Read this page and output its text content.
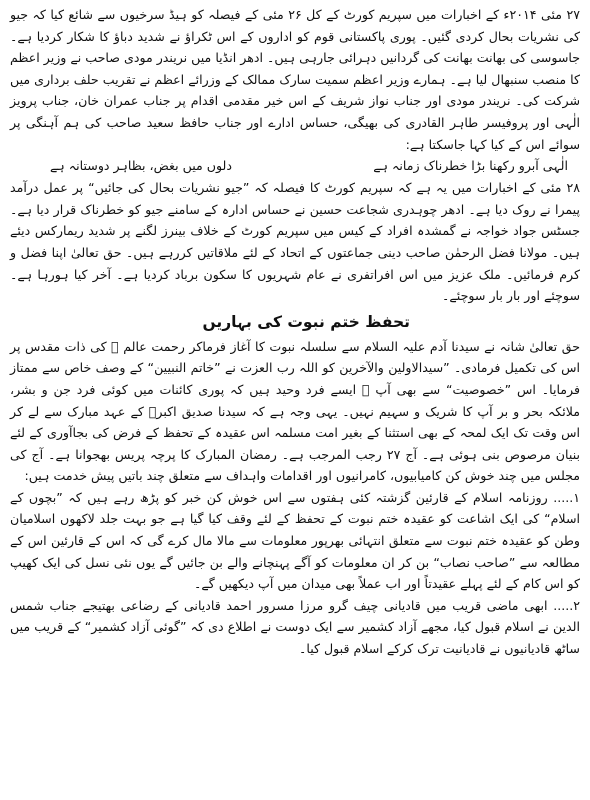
۲۷ مئی ۲۰۱۴ء کے اخبارات میں سپریم کورٹ کے کل ۲۶ مئی کے فیصلہ کو ہیڈ سرخیوں سے شائع کیا کہ جیو کی نشریات بحال کردی گئیں۔ پوری پاکستانی قوم کو اداروں کے اس ٹکراؤ نے شدید دباؤ کا شکار کردیا ہے۔ جاسوسی کی بھانت بھانت کی گردانیں دہرائی جارہی ہیں۔ ادھر انڈیا میں نریندر مودی صاحب نے وزیر اعظم کا منصب سنبھال لیا ہے۔ ہمارے وزیر اعظم سمیت سارک ممالک کے وزرائے اعظم نے تقریب حلف برداری میں شرکت کی۔ نریندر مودی اور جناب نواز شریف کے اس خیر مقدمی اقدام پر جناب عمران خان، جناب پرویز الٰہی اور پروفیسر طاہر القادری کی بھیگی، حساس ادارے اور جناب حافظ سعید صاحب کی ہم آہنگی پر سوائے اس کے کیا کہا جاسکتا ہے:

الٰہی آبرو رکھنا بڑا خطرناک زمانہ ہے
دلوں میں بغض، بظاہر دوستانہ ہے

۲۸ مئی کے اخبارات میں یہ ہے کہ سپریم کورٹ کا فیصلہ کہ ”جیو نشریات بحال کی جائیں“ پر عمل درآمد پیمرا نے روک دیا ہے۔ ادھر چوہدری شجاعت حسین نے حساس ادارہ کے سامنے جیو کو خطرناک قرار دیا ہے۔ جسٹس جواد خواجہ نے گمشدہ افراد کے کیس میں سپریم کورٹ کے خلاف بینرز لگنے پر شدید ریمارکس دیئے ہیں۔ مولانا فضل الرحمٰن صاحب دینی جماعتوں کے اتحاد کے لئے ملاقاتیں کررہے ہیں۔ حق تعالیٰ اپنا فضل و کرم فرمائیں۔ ملک عزیز میں اس افراتفری نے عام شہریوں کا سکون برباد کردیا ہے۔ آخر کیا ہورہا ہے۔ سوچئے اور بار بار سوچئے۔

تحفظ ختم نبوت کی بہاریں

حق تعالیٰ شانہ نے سیدنا آدم علیہ السلام سے سلسلہ نبوت کا آغاز فرماکر رحمت عالم ﷺ کی ذات مقدس پر اس کی تکمیل فرمادی۔ ”سیدالاولین والآخرین کو اللہ رب العزت نے ”خاتم النبیین“ کے وصف خاص سے ممتاز فرمایا۔ اس ”خصوصیت“ سے بھی آپ ﷺ ایسے فرد وحید ہیں کہ پوری کائنات میں کوئی فرد جن و بشر، ملائکہ بحر و بر آپ کا شریک و سہیم نہیں۔ یہی وجہ ہے کہ سیدنا صدیق اکبرؓ کے عہد مبارک سے لے کر اس وقت تک ایک لمحہ کے بھی استثنا کے بغیر امت مسلمہ اس عقیدہ کے تحفظ کے فرض کی بجاآوری کے لئے بنیان مرصوص بنی ہوئی ہے۔ آج ۲۷ رجب المرجب ہے۔ رمضان المبارک کا پرچہ پریس بھجوانا ہے۔ آج کی مجلس میں چند خوش کن کامیابیوں، کامرانیوں اور اقدامات واہداف سے متعلق چند باتیں پیش خدمت ہیں:

۱..... روزنامہ اسلام کے قارئین گزشتہ کئی ہفتوں سے اس خوش کن خبر کو پڑھ رہے ہیں کہ ”بچوں کے اسلام“ کی ایک اشاعت کو عقیدہ ختم نبوت کے تحفظ کے لئے وقف کیا گیا ہے جو بہت جلد لاکھوں اسلامیان وطن کو عقیدہ ختم نبوت سے متعلق انتہائی بھرپور معلومات سے مالا مال کرے گی کہ اس کے قارئین اس کے مطالعہ سے ”صاحب نصاب“ بن کر ان معلومات کو آگے پہنچانے والے بن جائیں گے یوں نئی نسل کی ایک کھیپ کو اس کام کے لئے پہلے عقیدتاً اور اب عملاً بھی میدان میں آپ دیکھیں گے۔

۲..... ابھی ماضی قریب میں قادیانی چیف گرو مرزا مسرور احمد قادیانی کے رضاعی بھتیجے جناب شمس الدین نے اسلام قبول کیا، مجھے آزاد کشمیر سے ایک دوست نے اطلاع دی کہ ”گوئی آزاد کشمیر“ کے قریب میں ساٹھ قادیانیوں نے قادیانیت ترک کرکے اسلام قبول کیا۔
